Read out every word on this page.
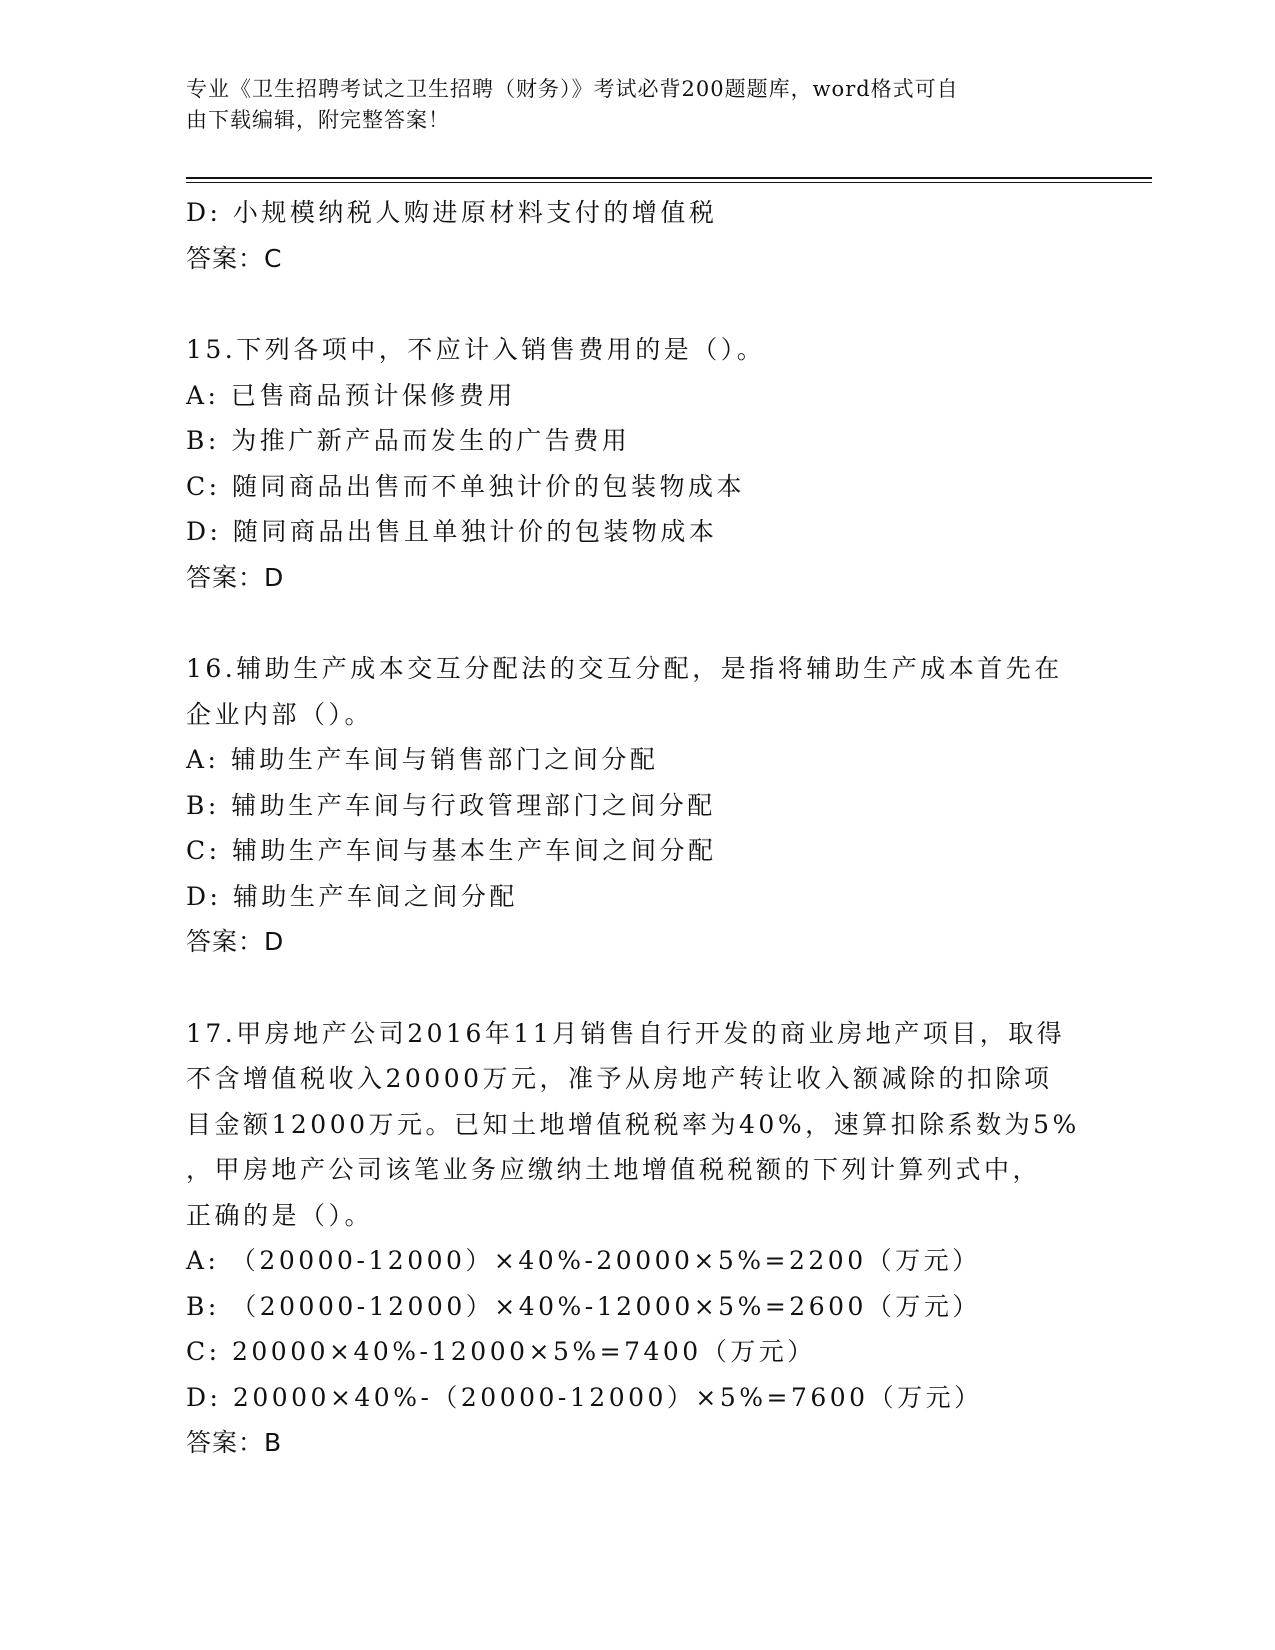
专业《卫生招聘考试之卫生招聘（财务）》考试必背200题题库，word格式可自
由下载编辑，附完整答案！
D: 小规模纳税人购进原材料支付的增值税
答案：C
15.下列各项中，不应计入销售费用的是（）。
A: 已售商品预计保修费用
B: 为推广新产品而发生的广告费用
C: 随同商品出售而不单独计价的包装物成本
D: 随同商品出售且单独计价的包装物成本
答案：D
16.辅助生产成本交互分配法的交互分配，是指将辅助生产成本首先在
企业内部（）。
A: 辅助生产车间与销售部门之间分配
B: 辅助生产车间与行政管理部门之间分配
C: 辅助生产车间与基本生产车间之间分配
D: 辅助生产车间之间分配
答案：D
17.甲房地产公司2016年11月销售自行开发的商业房地产项目，取得
不含增值税收入20000万元，准予从房地产转让收入额减除的扣除项
目金额12000万元。已知土地增值税税率为40%，速算扣除系数为5%
，甲房地产公司该笔业务应缴纳土地增值税税额的下列计算列式中，
正确的是（）。
A: （20000-12000）×40%-20000×5%=2200（万元）
B: （20000-12000）×40%-12000×5%=2600（万元）
C: 20000×40%-12000×5%=7400（万元）
D: 20000×40%-（20000-12000）×5%=7600（万元）
答案：B
